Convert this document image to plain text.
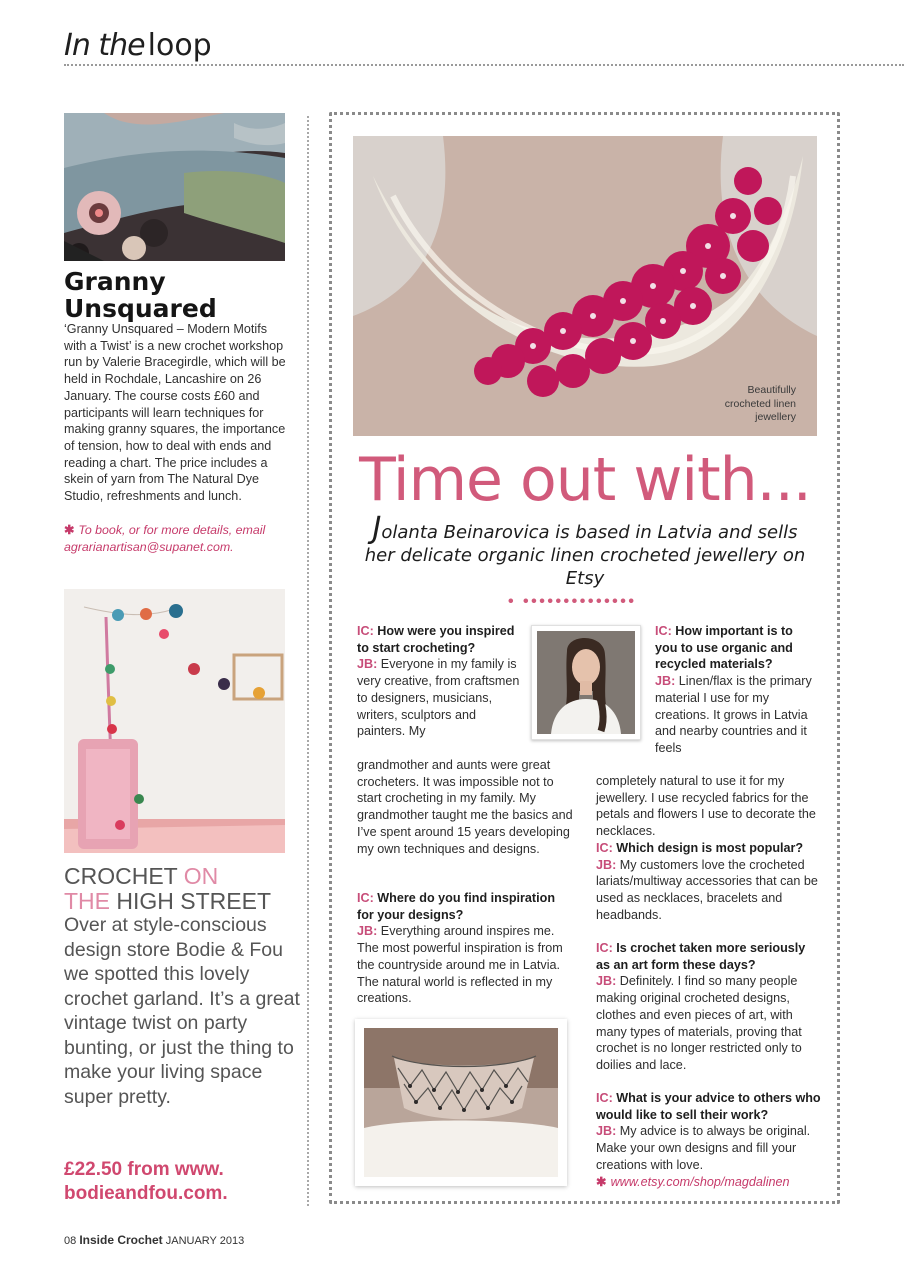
In the loop
Granny Unsquared
‘Granny Unsquared – Modern Motifs with a Twist’ is a new crochet workshop run by Valerie Bracegirdle, which will be held in Rochdale, Lancashire on 26 January. The course costs £60 and participants will learn techniques for making granny squares, the importance of tension, how to deal with ends and reading a chart. The price includes a skein of yarn from The Natural Dye Studio, refreshments and lunch.
✱ To book, or for more details, email agrarianartisan@supanet.com.
CROCHET ON
THE HIGH STREET
Over at style-conscious design store Bodie & Fou we spotted this lovely crochet garland. It’s a great vintage twist on party bunting, or just the thing to make your living space super pretty.
£22.50 from www. bodieandfou.com.
Beautifully crocheted linen jewellery
Time out with...
Jolanta Beinarovica is based in Latvia and sells her delicate organic linen crocheted jewellery on Etsy
• ••••••••••••••
IC: How were you inspired to start crocheting?
JB: Everyone in my family is very creative, from craftsmen to designers, musicians, writers, sculptors and painters. My
grandmother and aunts were great crocheters. It was impossible not to start crocheting in my family. My grandmother taught me the basics and I’ve spent around 15 years developing my own techniques and designs.
IC: Where do you find inspiration for your designs?
JB: Everything around inspires me. The most powerful inspiration is from the countryside around me in Latvia. The natural world is reflected in my creations.
IC: How important is to you to use organic and recycled materials?
JB: Linen/flax is the primary material I use for my creations. It grows in Latvia and nearby countries and it feels
completely natural to use it for my jewellery. I use recycled fabrics for the petals and flowers I use to decorate the necklaces.
IC: Which design is most popular?
JB: My customers love the crocheted lariats/multiway accessories that can be used as necklaces, bracelets and headbands.
IC: Is crochet taken more seriously as an art form these days?
JB: Definitely. I find so many people making original crocheted designs, clothes and even pieces of art, with many types of materials, proving that crochet is no longer restricted only to doilies and lace.
IC: What is your advice to others who would like to sell their work?
JB: My advice is to always be original. Make your own designs and fill your creations with love.
✱ www.etsy.com/shop/magdalinen
08 Inside Crochet JANUARY 2013
